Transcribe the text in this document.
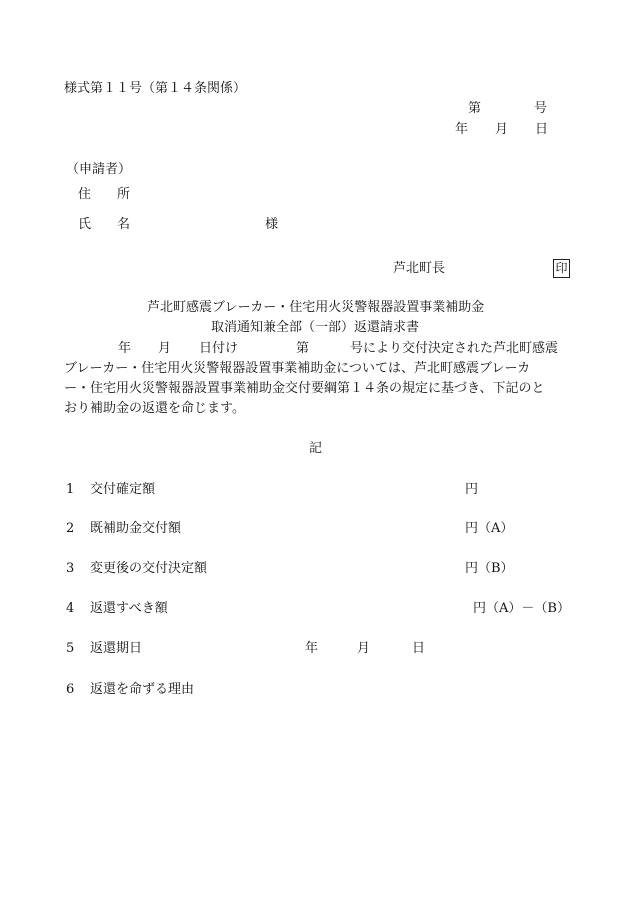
様式第１１号（第１４条関係）
第	号
年 月 日
（申請者）
住　　所
氏　　名	様
芦北町長	印
芦北町感震ブレーカー・住宅用火災警報器設置事業補助金
取消通知兼全部（一部）返還請求書
年 月 日付け	第	号により交付決定された芦北町感震
ブレーカー・住宅用火災警報器設置事業補助金については、芦北町感震ブレーカ
ー・住宅用火災警報器設置事業補助金交付要綱第１４条の規定に基づき、下記のと
おり補助金の返還を命じます。
記
1 交付確定額	円
2 既補助金交付額	円（A）
3 変更後の交付決定額	円（B）
4 返還すべき額	円（A）－（B）
5 返還期日	年	月	日
6 返還を命ずる理由
